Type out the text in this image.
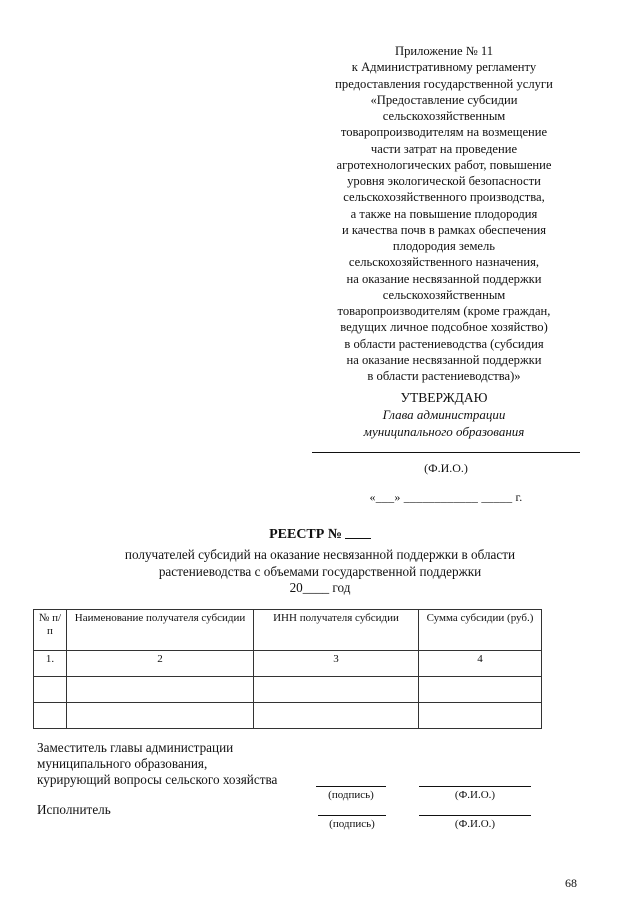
Приложение № 11
к Административному регламенту
предоставления государственной услуги
«Предоставление субсидии
сельскохозяйственным
товаропроизводителям на возмещение
части затрат на проведение
агротехнологических работ, повышение
уровня экологической безопасности
сельскохозяйственного производства,
а также на повышение плодородия
и качества почв в рамках обеспечения
плодородия земель
сельскохозяйственного назначения,
на оказание несвязанной поддержки
сельскохозяйственным
товаропроизводителям (кроме граждан,
ведущих личное подсобное хозяйство)
в области растениеводства (субсидия
на оказание несвязанной поддержки
в области растениеводства)»
УТВЕРЖДАЮ
Глава администрации
муниципального образования
(Ф.И.О.)
«___» ____________ _____ г.
РЕЕСТР №
получателей субсидий на оказание несвязанной поддержки в области
растениеводства с объемами государственной поддержки
20____ год
№ п/п	Наименование получателя субсидии	ИНН получателя субсидии	Сумма субсидии (руб.)
1.	2	3	4

Заместитель главы администрации
муниципального образования,
курирующий вопросы сельского хозяйства
(подпись)	(Ф.И.О.)
Исполнитель
(подпись)	(Ф.И.О.)
68
